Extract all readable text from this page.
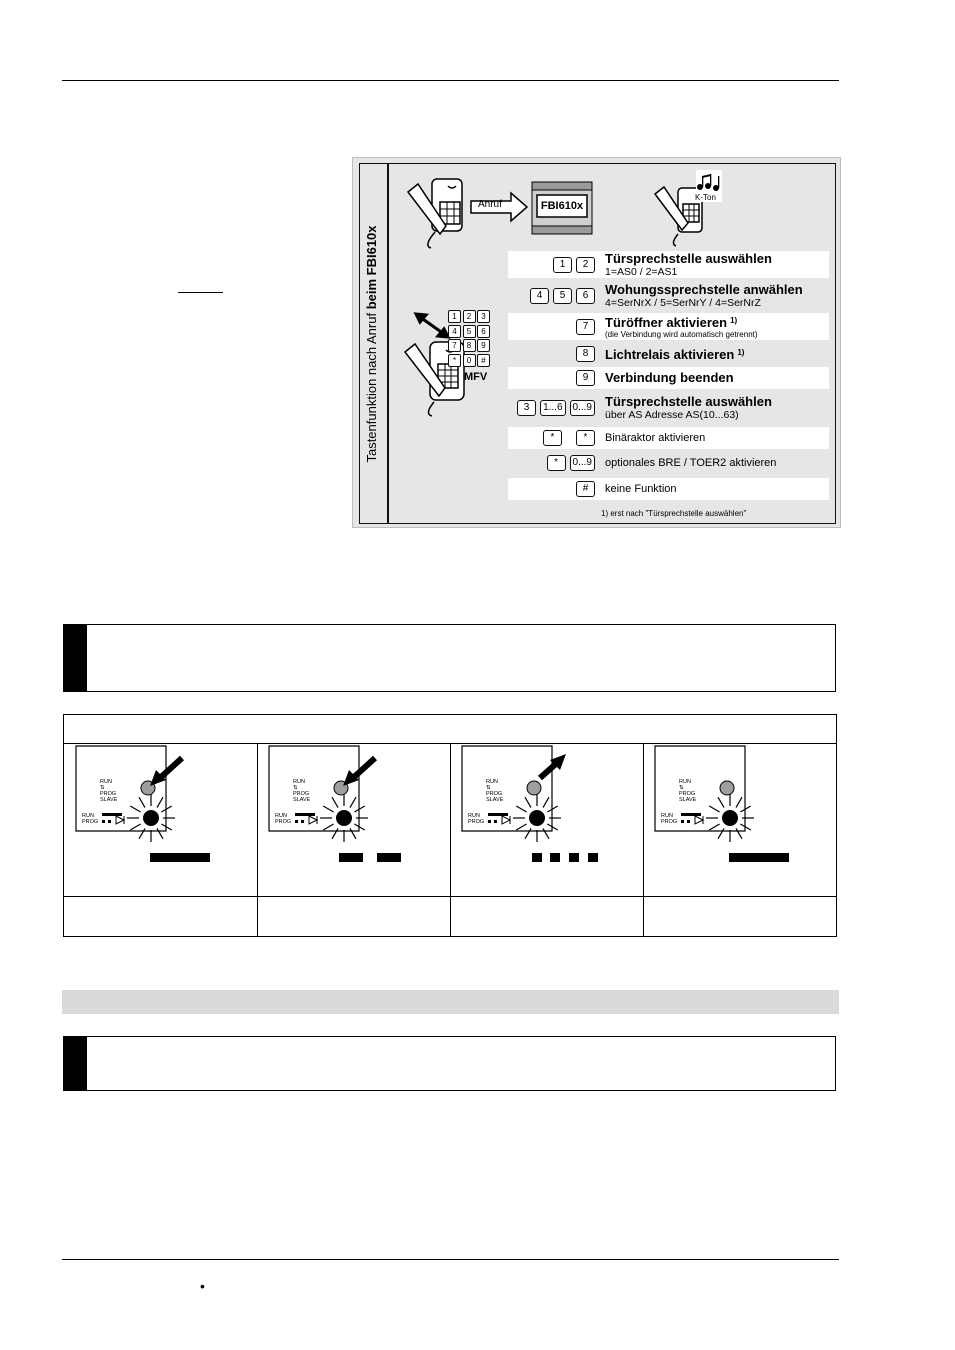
Tastenfunktion nach Anruf beim FBI610x
Anruf	FBI610x
K-Ton
1	2	3
4	5	6
7	8	9
*	0	#
MFV
1	2	Türsprechstelle auswählen
1=AS0 / 2=AS1
4	5	6	Wohungssprechstelle anwählen
4=SerNrX / 5=SerNrY / 4=SerNrZ
7	Türöffner aktivieren $^{1)}$
(die Verbindung wird automatisch getrennt)
8	Lichtrelais aktivieren $^{1)}$
9	Verbindung beenden
3	1...6	0...9 Türsprechstelle auswählen
über AS Adresse AS(10...63)
*	*	Binäraktor aktivieren
*	0...9 optionales BRE / TOER2 aktivieren
#	keine Funktion
1) erst nach "Türsprechstelle auswählen"
RUN
⇅
PROG
SLAVE
RUN
PROG
RUN
⇅
PROG
SLAVE
RUN
PROG
RUN
⇅
PROG
SLAVE
RUN
PROG
RUN
⇅
PROG
SLAVE
RUN
PROG
•
